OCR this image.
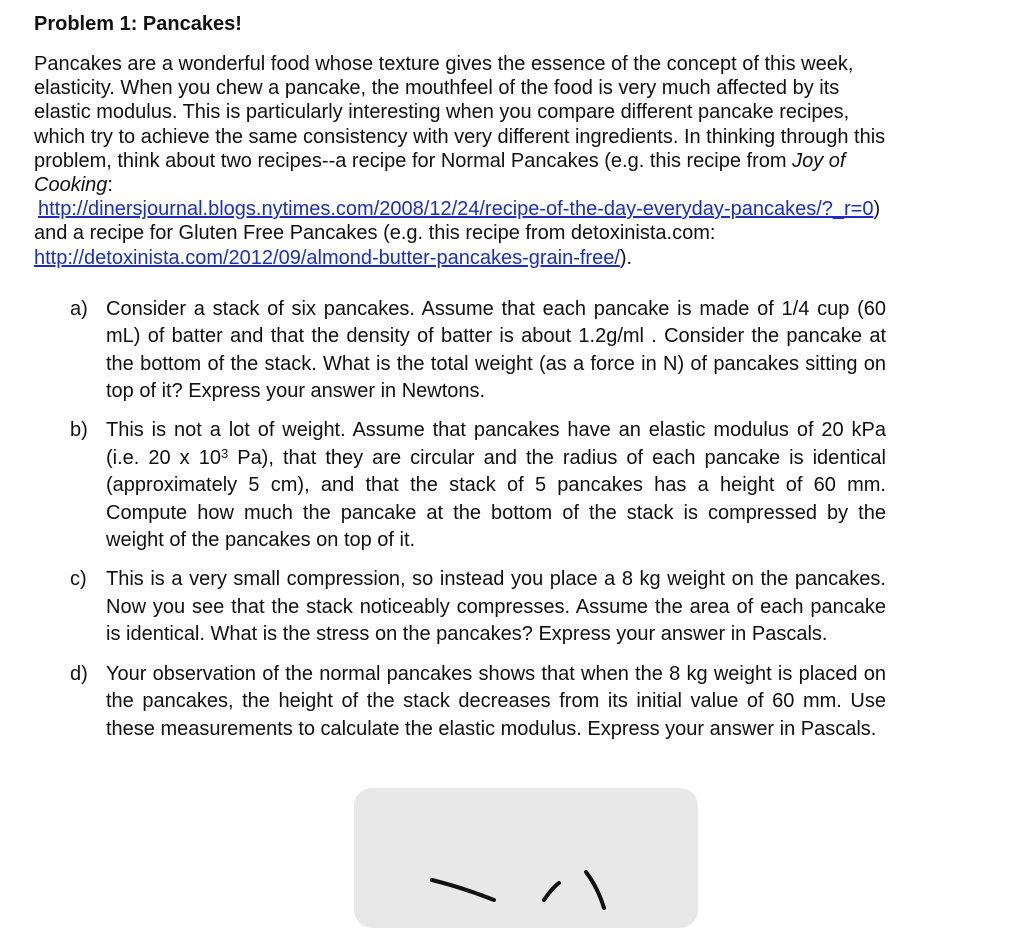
Problem 1: Pancakes!

Pancakes are a wonderful food whose texture gives the essence of the concept of this week, elasticity. When you chew a pancake, the mouthfeel of the food is very much affected by its elastic modulus. This is particularly interesting when you compare different pancake recipes, which try to achieve the same consistency with very different ingredients. In thinking through this problem, think about two recipes--a recipe for Normal Pancakes (e.g. this recipe from Joy of Cooking:
http://dinersjournal.blogs.nytimes.com/2008/12/24/recipe-of-the-day-everyday-pancakes/?_r=0)

and a recipe for Gluten Free Pancakes (e.g. this recipe from detoxinista.com:
http://detoxinista.com/2012/09/almond-butter-pancakes-grain-free/).

a) Consider a stack of six pancakes. Assume that each pancake is made of 1/4 cup (60 mL) of batter and that the density of batter is about 1.2g/ml . Consider the pancake at the bottom of the stack. What is the total weight (as a force in N) of pancakes sitting on top of it? Express your answer in Newtons.
b) This is not a lot of weight. Assume that pancakes have an elastic modulus of 20 kPa (i.e. 20 x $10^3$ Pa), that they are circular and the radius of each pancake is identical (approximately 5 cm), and that the stack of 5 pancakes has a height of 60 mm. Compute how much the pancake at the bottom of the stack is compressed by the weight of the pancakes on top of it.
c) This is a very small compression, so instead you place a 8 kg weight on the pancakes. Now you see that the stack noticeably compresses. Assume the area of each pancake is identical. What is the stress on the pancakes? Express your answer in Pascals.
d) Your observation of the normal pancakes shows that when the 8 kg weight is placed on the pancakes, the height of the stack decreases from its initial value of 60 mm. Use these measurements to calculate the elastic modulus. Express your answer in Pascals.
